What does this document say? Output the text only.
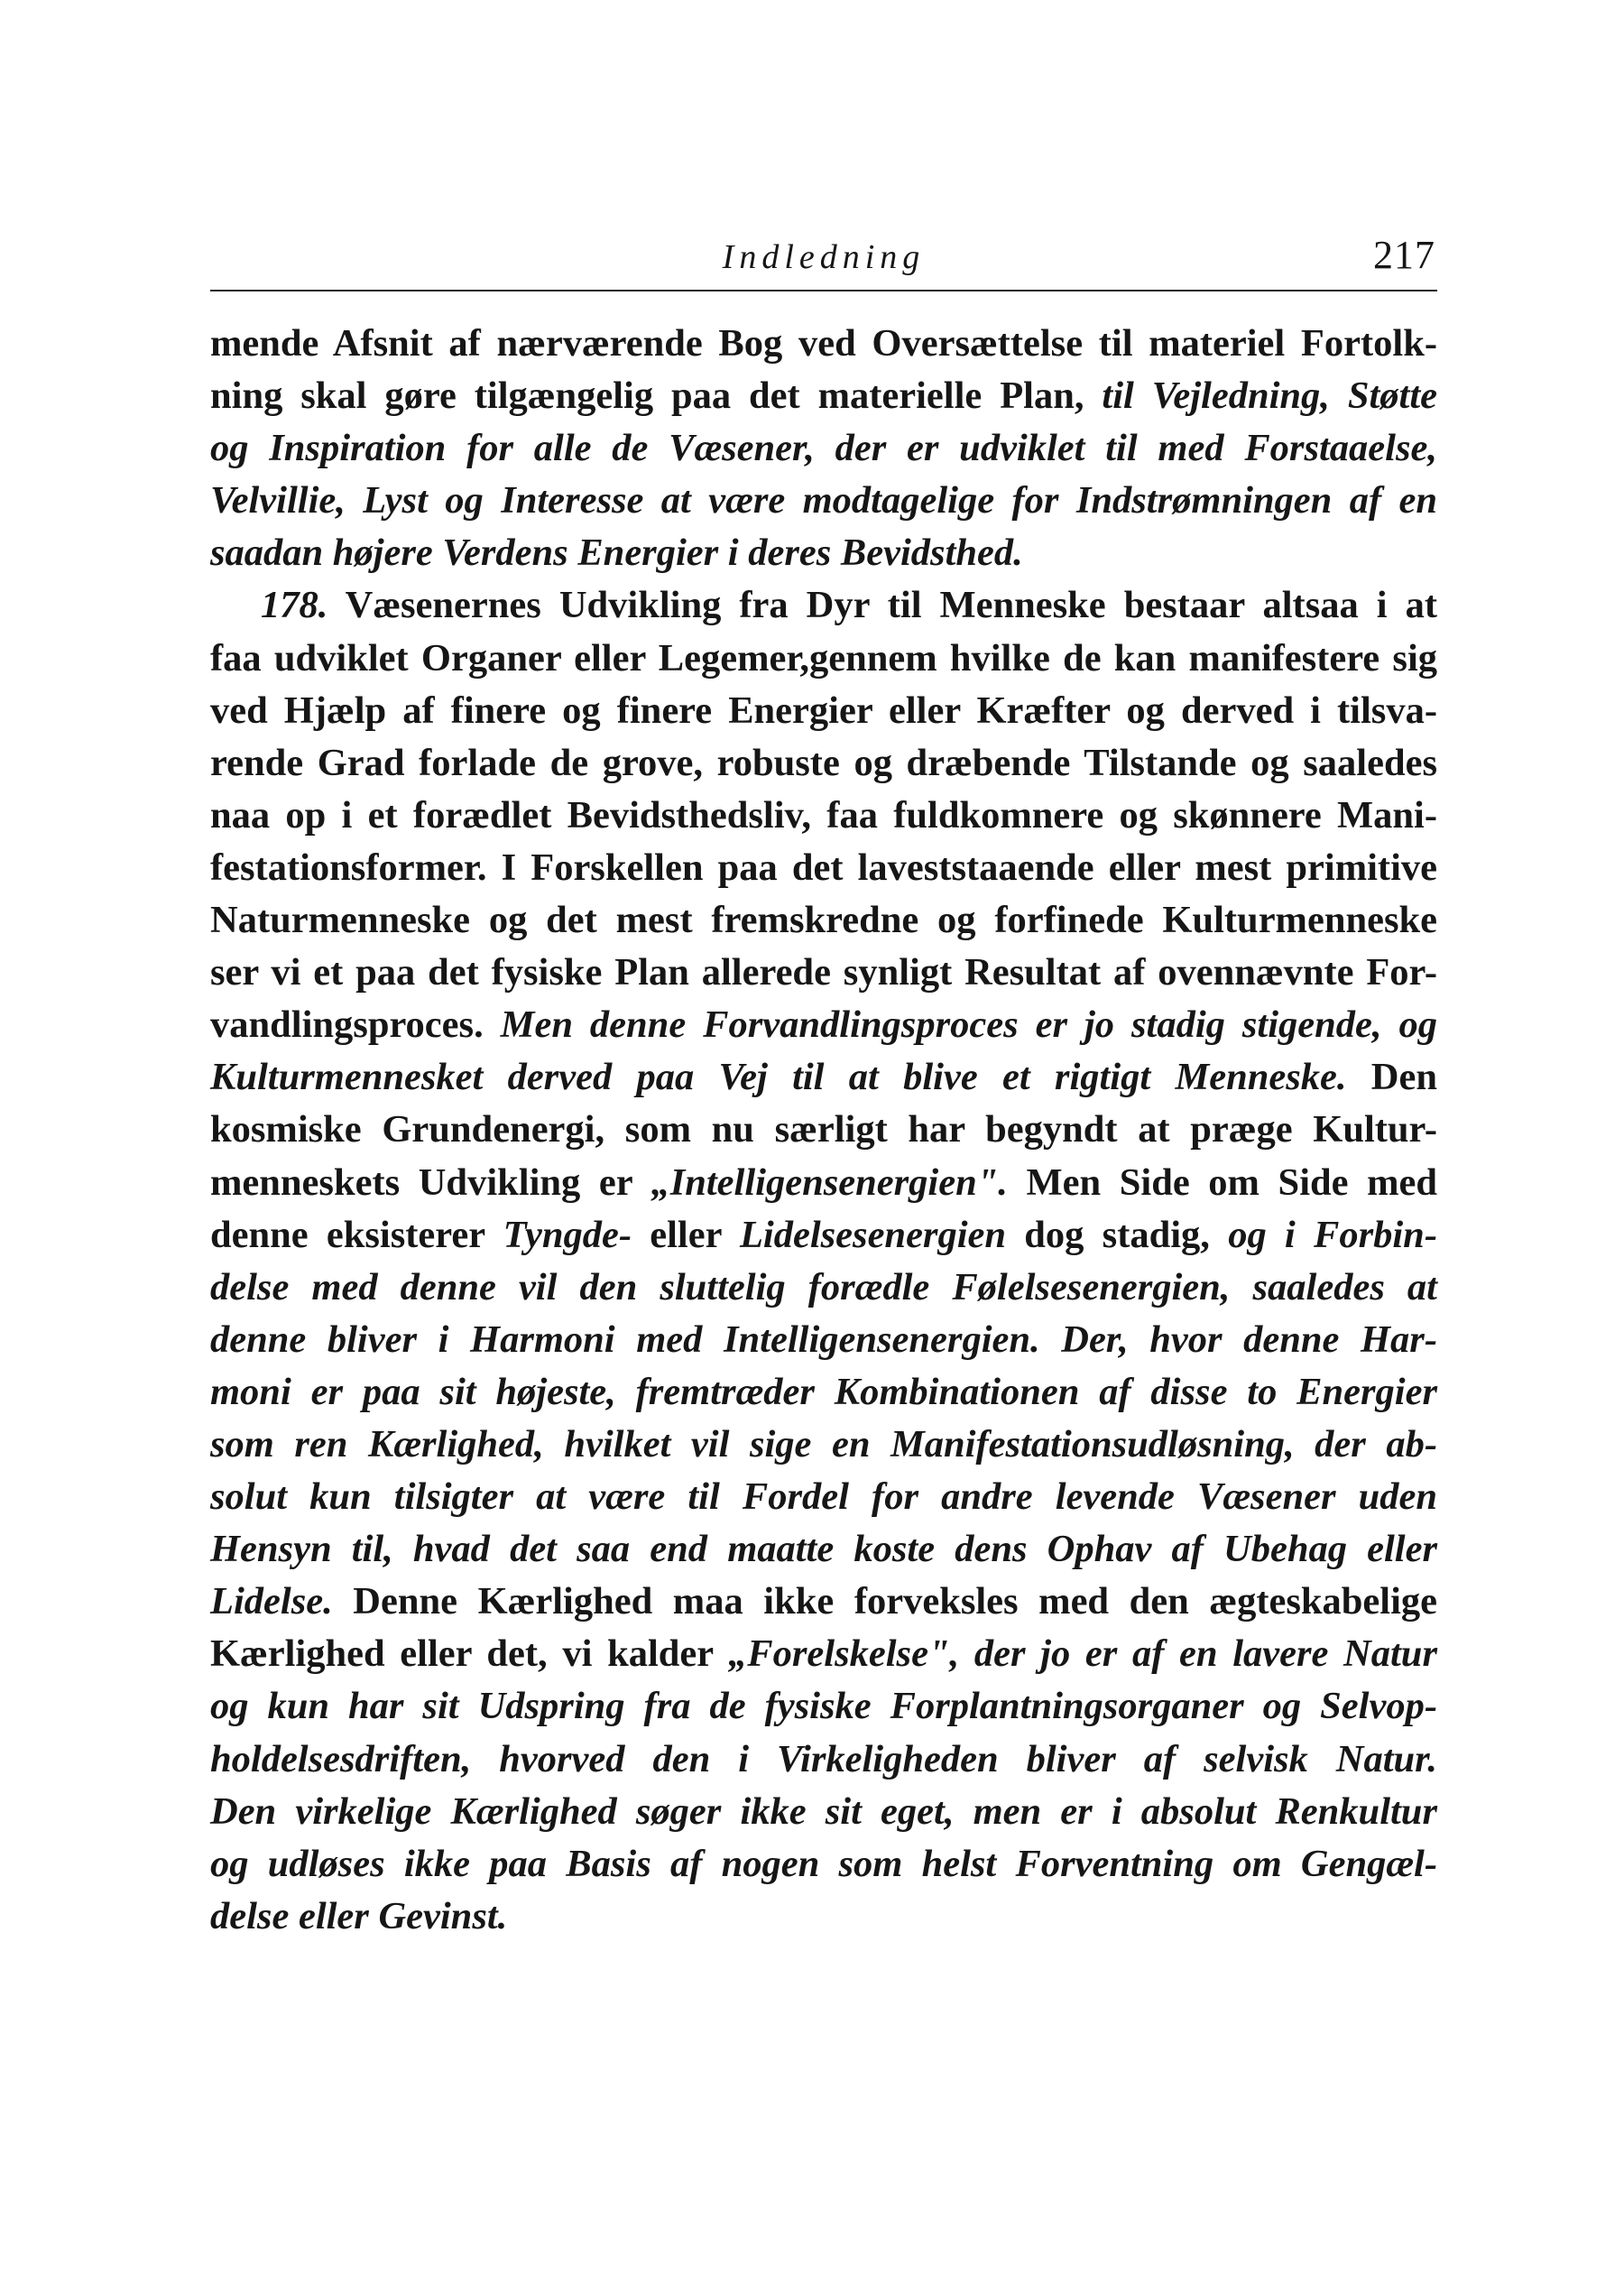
Indledning	217
mende Afsnit af nærværende Bog ved Oversættelse til materiel Fortolk-
ning skal gøre tilgængelig paa det materielle Plan, til Vejledning, Støtte
og Inspiration for alle de Væsener, der er udviklet til med Forstaaelse,
Velvillie, Lyst og Interesse at være modtagelige for Indstrømningen af en
saadan højere Verdens Energier i deres Bevidsthed.
178. Væsenernes Udvikling fra Dyr til Menneske bestaar altsaa i at
faa udviklet Organer eller Legemer,gennem hvilke de kan manifestere sig
ved Hjælp af finere og finere Energier eller Kræfter og derved i tilsva-
rende Grad forlade de grove, robuste og dræbende Tilstande og saaledes
naa op i et forædlet Bevidsthedsliv, faa fuldkomnere og skønnere Mani-
festationsformer. I Forskellen paa det laveststaaende eller mest primitive
Naturmenneske og det mest fremskredne og forfinede Kulturmenneske
ser vi et paa det fysiske Plan allerede synligt Resultat af ovennævnte For-
vandlingsproces. Men denne Forvandlingsproces er jo stadig stigende, og
Kulturmennesket derved paa Vej til at blive et rigtigt Menneske. Den
kosmiske Grundenergi, som nu særligt har begyndt at præge Kultur-
menneskets Udvikling er „Intelligensenergien". Men Side om Side med
denne eksisterer Tyngde- eller Lidelsesenergien dog stadig, og i Forbin-
delse med denne vil den sluttelig forædle Følelsesenergien, saaledes at
denne bliver i Harmoni med Intelligensenergien. Der, hvor denne Har-
moni er paa sit højeste, fremtræder Kombinationen af disse to Energier
som ren Kærlighed, hvilket vil sige en Manifestationsudløsning, der ab-
solut kun tilsigter at være til Fordel for andre levende Væsener uden
Hensyn til, hvad det saa end maatte koste dens Ophav af Ubehag eller
Lidelse. Denne Kærlighed maa ikke forveksles med den ægteskabelige
Kærlighed eller det, vi kalder „Forelskelse", der jo er af en lavere Natur
og kun har sit Udspring fra de fysiske Forplantningsorganer og Selvop-
holdelsesdriften, hvorved den i Virkeligheden bliver af selvisk Natur.
Den virkelige Kærlighed søger ikke sit eget, men er i absolut Renkultur
og udløses ikke paa Basis af nogen som helst Forventning om Gengæl-
delse eller Gevinst.
